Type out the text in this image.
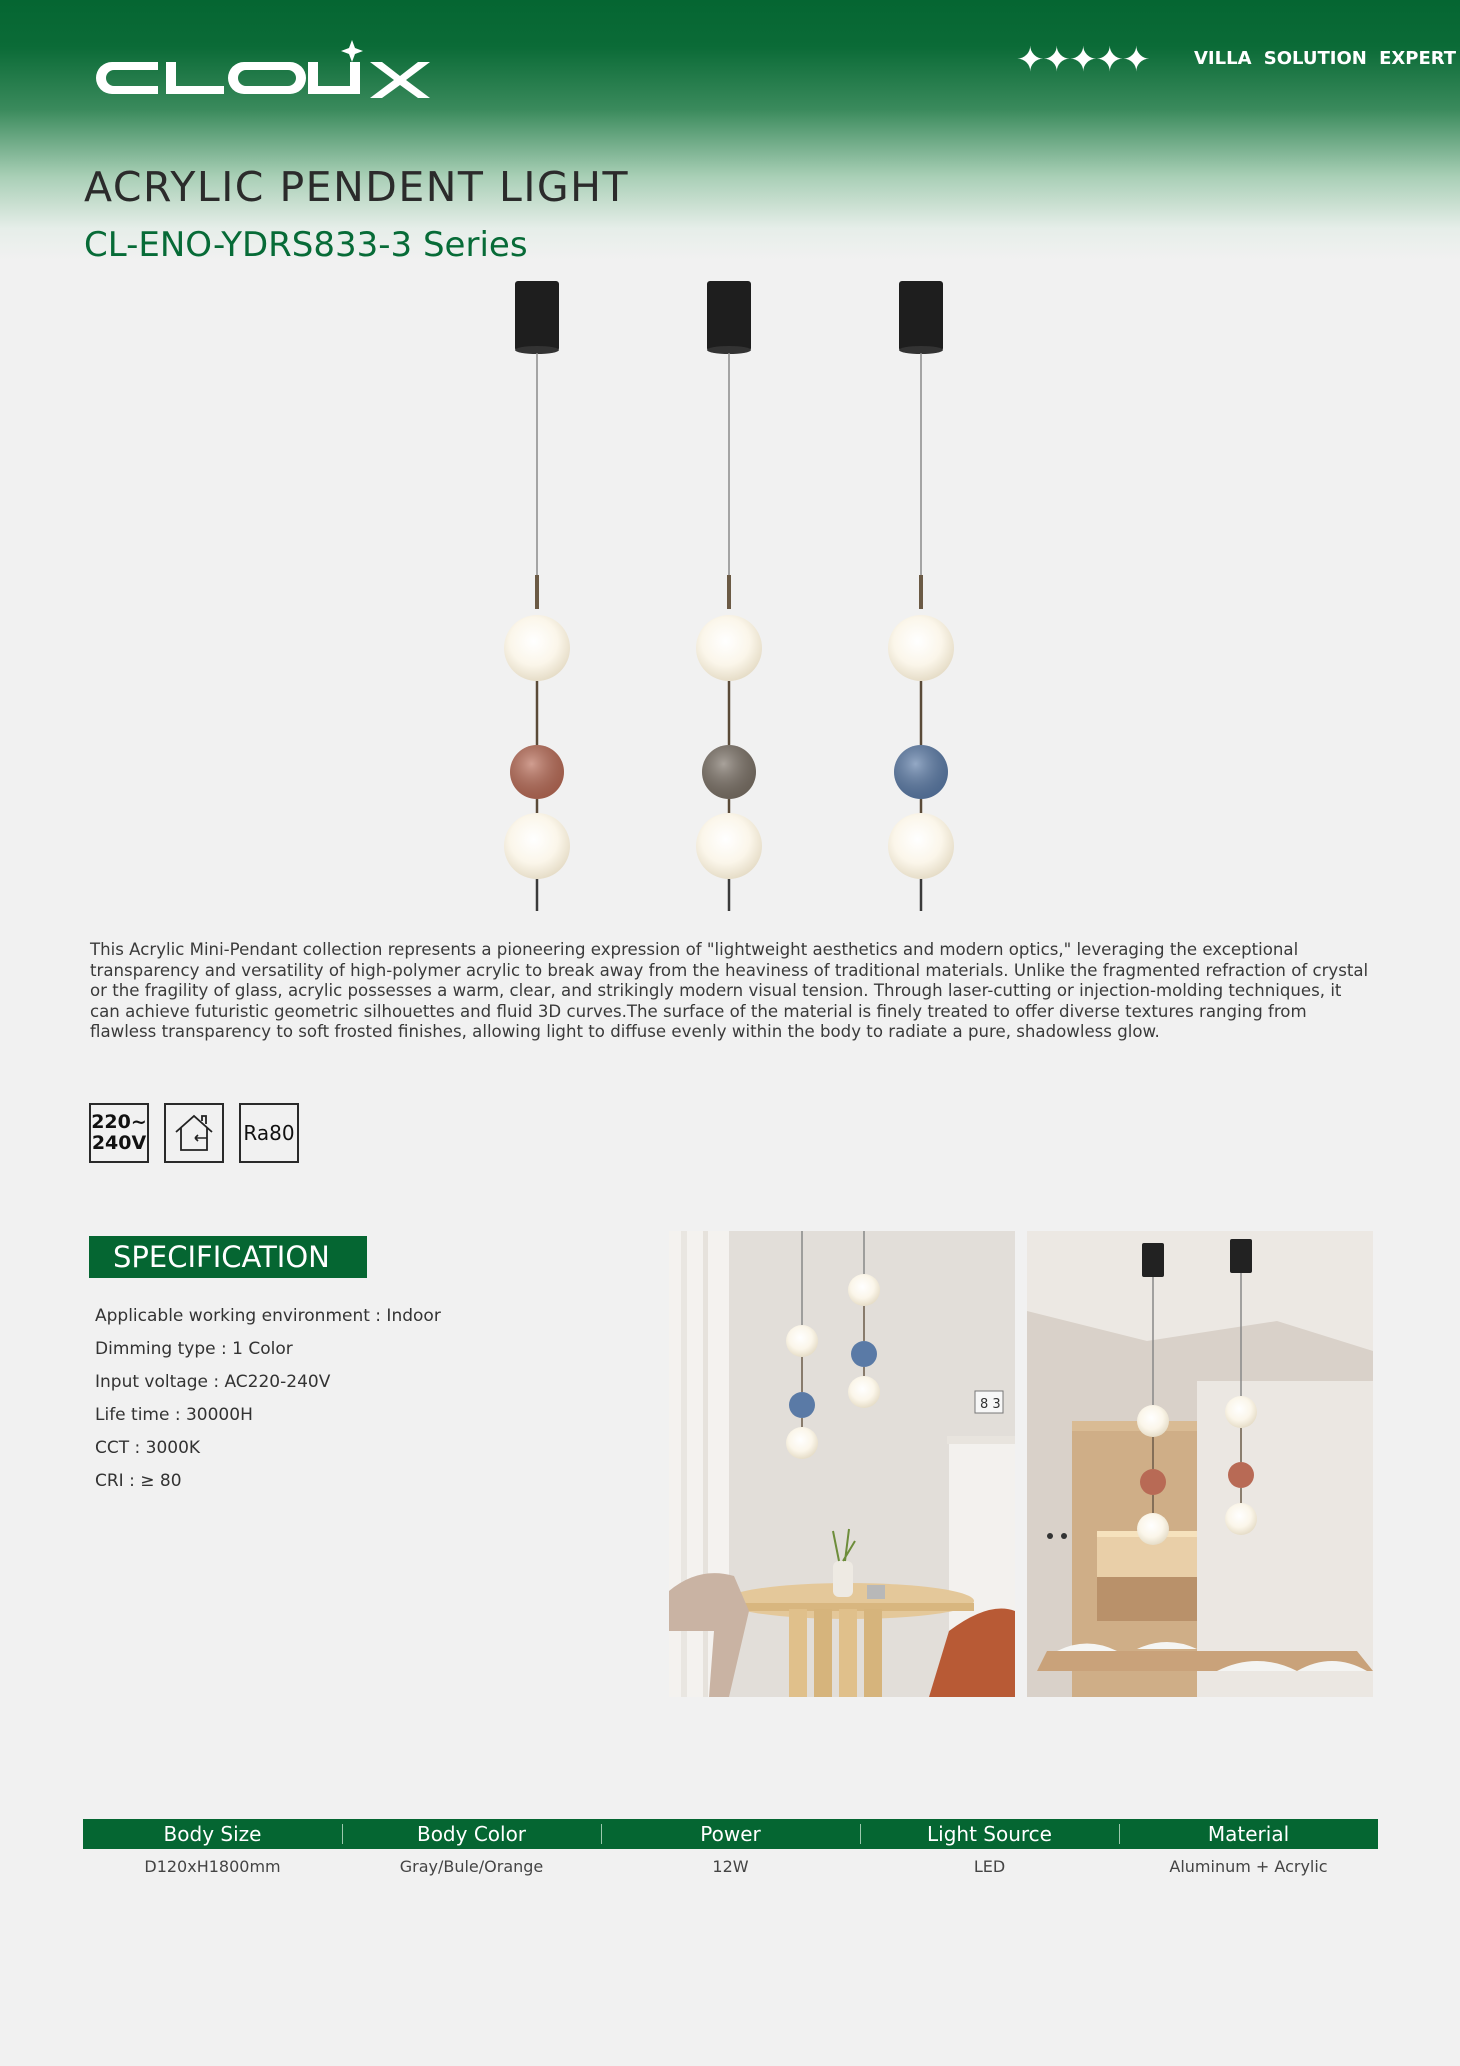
✦✦✦✦✦	VILLA SOLUTION EXPERT
ACRYLIC PENDENT LIGHT
CL-ENO-YDRS833-3 Series
This Acrylic Mini-Pendant collection represents a pioneering expression of "lightweight aesthetics and modern optics," leveraging the exceptional transparency and versatility of high-polymer acrylic to break away from the heaviness of traditional materials. Unlike the fragmented refraction of crystal or the fragility of glass, acrylic possesses a warm, clear, and strikingly modern visual tension. Through laser-cutting or injection-molding techniques, it can achieve futuristic geometric silhouettes and fluid 3D curves.The surface of the material is finely treated to offer diverse textures ranging from flawless transparency to soft frosted finishes, allowing light to diffuse evenly within the body to radiate a pure, shadowless glow.
220~
240V	Ra80
SPECIFICATION
Applicable working environment : Indoor
Dimming type : 1 Color
Input voltage : AC220-240V
Life time : 30000H
CCT : 3000K
CRI : ≥ 80
8 3
Body Size	Body Color	Power	Light Source	Material
D120xH1800mm	Gray/Bule/Orange	12W	LED	Aluminum + Acrylic
